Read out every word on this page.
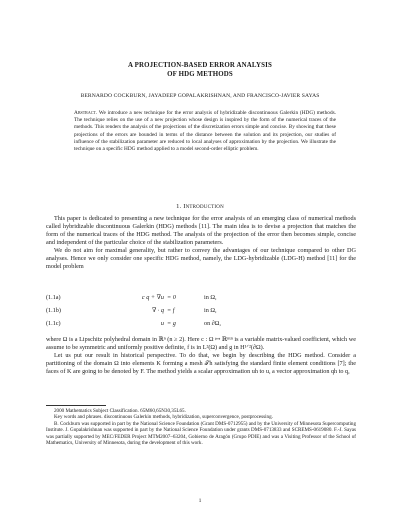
A PROJECTION-BASED ERROR ANALYSIS
OF HDG METHODS
BERNARDO COCKBURN, JAYADEEP GOPALAKRISHNAN, AND FRANCISCO-JAVIER SAYAS
Abstract. We introduce a new technique for the error analysis of hybridizable discontinuous Galerkin (HDG) methods. The technique relies on the use of a new projection whose design is inspired by the form of the numerical traces of the methods. This renders the analysis of the projections of the discretization errors simple and concise. By showing that these projections of the errors are bounded in terms of the distance between the solution and its projection, our studies of influence of the stabilization parameter are reduced to local analyses of approximation by the projection. We illustrate the technique on a specific HDG method applied to a model second-order elliptic problem.
1. Introduction

This paper is dedicated to presenting a new technique for the error analysis of an emerging class of numerical methods called hybridizable discontinuous Galerkin (HDG) methods [11]. The main idea is to devise a projection that matches the form of the numerical traces of the HDG method. The analysis of the projection of the error then becomes simple, concise and independent of the particular choice of the stabilization parameters.

We do not aim for maximal generality, but rather to convey the advantages of our technique compared to other DG analyses. Hence we only consider one specific HDG method, namely, the LDG-hybridizable (LDG-H) method [11] for the model problem

(1.1a)	c q + ∇u = 0	in Ω,
(1.1b)	∇ · q = f	in Ω,
(1.1c)	u = g	on ∂Ω,

where Ω is a Lipschitz polyhedral domain in ℝⁿ (n ≥ 2). Here c : Ω ↦ ℝⁿˣⁿ is a variable matrix-valued coefficient, which we assume to be symmetric and uniformly positive definite, f is in L²(Ω) and g in H¹ᐟ²(∂Ω).

Let us put our result in historical perspective. To do that, we begin by describing the HDG method. Consider a partitioning of the domain Ω into elements K forming a mesh 𝒯h satisfying the standard finite element conditions [7]; the faces of K are going to be denoted by F. The method yields a scalar approximation uh to u, a vector approximation qh to q,

2000 Mathematics Subject Classification. 65M60,65N30,35L65.

Key words and phrases. discontinuous Galerkin methods, hybridization, superconvergence, postprocessing.

B. Cockburn was supported in part by the National Science Foundation (Grant DMS-0712955) and by the University of Minnesota Supercomputing Institute. J. Gopalakrishnan was supported in part by the National Science Foundation under grants DMS-0713833 and SCREMS-0619080. F.-J. Sayas was partially supported by MEC/FEDER Project MTM2007–63204, Gobierno de Aragón (Grupo PDIE) and was a Visiting Professor of the School of Mathematics, University of Minnesota, during the development of this work.

1
